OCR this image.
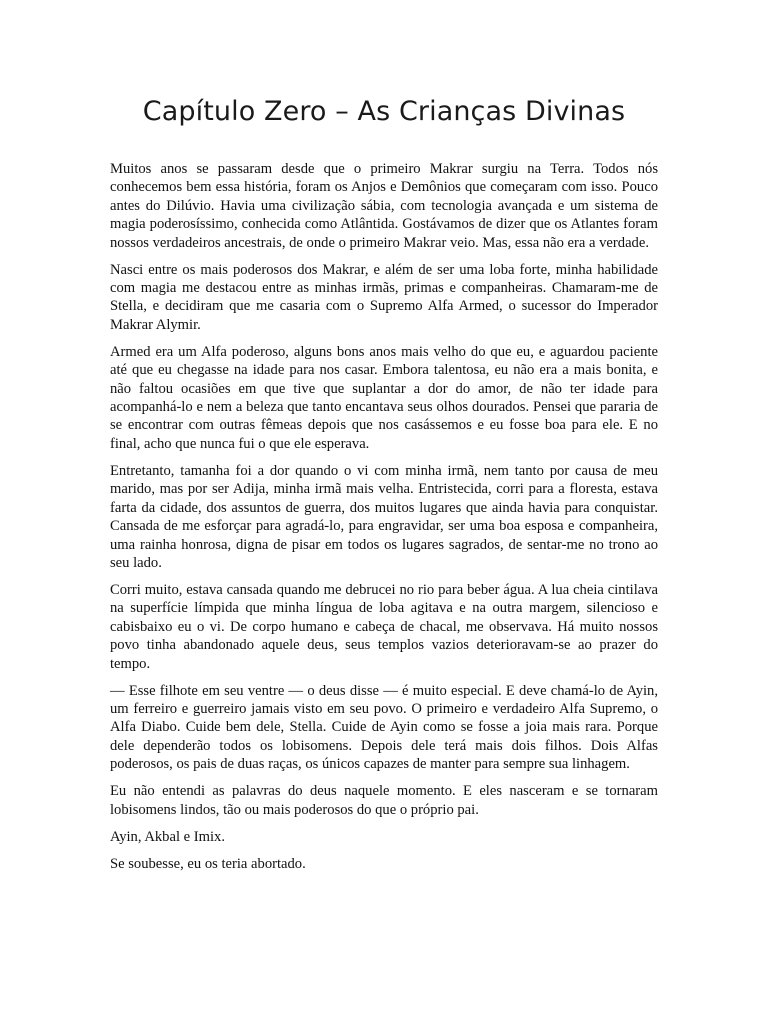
Capítulo Zero – As Crianças Divinas

Muitos anos se passaram desde que o primeiro Makrar surgiu na Terra. Todos nós conhecemos bem essa história, foram os Anjos e Demônios que começaram com isso. Pouco antes do Dilúvio. Havia uma civilização sábia, com tecnologia avançada e um sistema de magia poderosíssimo, conhecida como Atlântida. Gostávamos de dizer que os Atlantes foram nossos verdadeiros ancestrais, de onde o primeiro Makrar veio. Mas, essa não era a verdade.

Nasci entre os mais poderosos dos Makrar, e além de ser uma loba forte, minha habilidade com magia me destacou entre as minhas irmãs, primas e companheiras. Chamaram-me de Stella, e decidiram que me casaria com o Supremo Alfa Armed, o sucessor do Imperador Makrar Alymir.

Armed era um Alfa poderoso, alguns bons anos mais velho do que eu, e aguardou paciente até que eu chegasse na idade para nos casar. Embora talentosa, eu não era a mais bonita, e não faltou ocasiões em que tive que suplantar a dor do amor, de não ter idade para acompanhá-lo e nem a beleza que tanto encantava seus olhos dourados. Pensei que pararia de se encontrar com outras fêmeas depois que nos casássemos e eu fosse boa para ele. E no final, acho que nunca fui o que ele esperava.

Entretanto, tamanha foi a dor quando o vi com minha irmã, nem tanto por causa de meu marido, mas por ser Adija, minha irmã mais velha. Entristecida, corri para a floresta, estava farta da cidade, dos assuntos de guerra, dos muitos lugares que ainda havia para conquistar. Cansada de me esforçar para agradá-lo, para engravidar, ser uma boa esposa e companheira, uma rainha honrosa, digna de pisar em todos os lugares sagrados, de sentar-me no trono ao seu lado.

Corri muito, estava cansada quando me debrucei no rio para beber água. A lua cheia cintilava na superfície límpida que minha língua de loba agitava e na outra margem, silencioso e cabisbaixo eu o vi. De corpo humano e cabeça de chacal, me observava. Há muito nossos povo tinha abandonado aquele deus, seus templos vazios deterioravam-se ao prazer do tempo.

— Esse filhote em seu ventre — o deus disse — é muito especial. E deve chamá-lo de Ayin, um ferreiro e guerreiro jamais visto em seu povo. O primeiro e verdadeiro Alfa Supremo, o Alfa Diabo. Cuide bem dele, Stella. Cuide de Ayin como se fosse a joia mais rara. Porque dele dependerão todos os lobisomens. Depois dele terá mais dois filhos. Dois Alfas poderosos, os pais de duas raças, os únicos capazes de manter para sempre sua linhagem.

Eu não entendi as palavras do deus naquele momento. E eles nasceram e se tornaram lobisomens lindos, tão ou mais poderosos do que o próprio pai.

Ayin, Akbal e Imix.

Se soubesse, eu os teria abortado.
